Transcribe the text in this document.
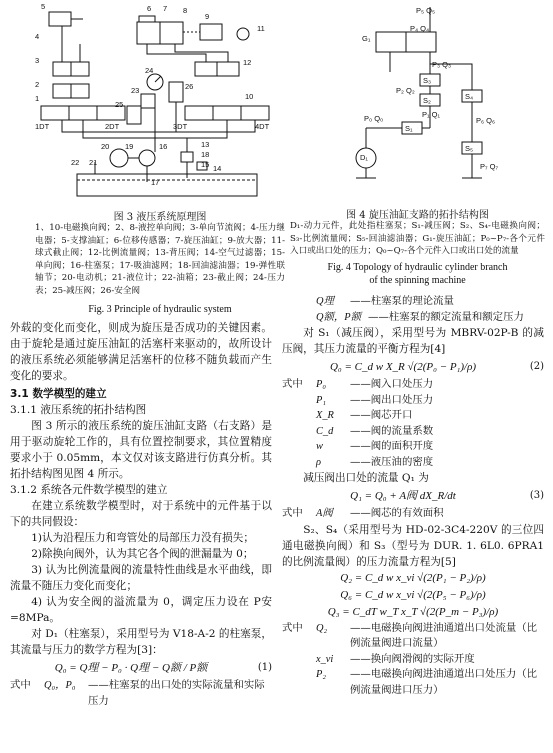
5	6 7 8
9
11
4
3
2
1
1DT	2DT
24
23
25
26
12
10
3DT	4DT
20 19	16	13
18
15
22 21
17
14
图 3 液压系统原理图
1、10-电磁换向阀；2、8-液控单向阀；3-单向节流阀；4-压力继电器；5-支撑油缸；6-位移传感器；7-旋压油缸；9-放大器；11-球式截止阀；12-比例流量阀；13-背压阀；14-空气过滤器；15-单向阀；16-柱塞泵；17-吸油滤网；18-回油滤油器；19-弹性联轴节；20-电动机；21-液位计；22-油箱；23-截止阀；24-压力表；25-减压阀；26-安全阀
Fig. 3 Principle of hydraulic system
P₅ Q₅
G₁
P₄ Q₄
P₃ Q₃
S₃
P₂ Q₂
S₂	S₄
P₁ Q₁
P₆ Q₆
P₀ Q₀
S₁
D₁
S₅
P₇ Q₇
图 4 旋压油缸支路的拓扑结构图
D₁-动力元件，此处指柱塞泵；S₁-减压阀；S₂、S₄-电磁换向阀；S₃-比例流量阀；S₅-回油滤油器；G₁-旋压油缸；P₀~P₇-各个元件入口或出口处的压力；Q₀~Q₇-各个元件入口或出口处的流量
Fig. 4 Topology of hydraulic cylinder branch
of the spinning machine

外载的变化而变化，则成为旋压是否成功的关键因素。由于旋轮是通过旋压油缸的活塞杆来驱动的，故所设计的液压系统必须能够满足活塞杆的位移不随负载而产生变化的要求。

3.1 数学模型的建立
3.1.1 液压系统的拓扑结构图

图 3 所示的液压系统的旋压油缸支路（右支路）是用于驱动旋轮工作的，具有位置控制要求，其位置精度要求小于 0.05mm，本文仅对该支路进行仿真分析。其拓扑结构图见图 4 所示。

3.1.2 系统各元件数学模型的建立

在建立系统数学模型时，对于系统中的元件基于以下的共同假设：

1)认为沿程压力和弯管处的局部压力没有损失；

2)除换向阀外，认为其它各个阀的泄漏量为 0；

3) 认为比例流量阀的流量特性曲线是水平曲线，即流量不随压力变化而变化；

4) 认为安全阀的溢流量为 0，调定压力设在 P安=8MPa。

对 D₁（柱塞泵），采用型号为 V18-A-2 的柱塞泵，其流量与压力的数学方程为[3]：

Q₀ = Q理 − P₀ · Q理 − Q额 / P额	(1)
式中	Q₀，P₀	——柱塞泵的出口处的实际流量和实际压力
Q理	——柱塞泵的理论流量
Q额，P额 ——柱塞泵的额定流量和额定压力

对 S₁（减压阀），采用型号为 MBRV-02P-B 的减压阀，其压力流量的平衡方程为[4]

Q₀ = C_d w X_R √(2(P₀ − P₁)/ρ)	(2)
式中	P₀	——阀入口处压力
P₁	——阀出口处压力
X_R	——阀芯开口
C_d	——阀的流量系数
w	——阀的面积开度
ρ	——液压油的密度

减压阀出口处的流量 Q₁ 为

Q₁ = Q₀ + A阀 dX_R/dt	(3)
式中	A阀	——阀芯的有效面积

S₂、S₄（采用型号为 HD-02-3C4-220V 的三位四通电磁换向阀）和 S₃（型号为 DUR. 1. 6L0. 6PRA1 的比例流量阀）的压力流量方程为[5]

Q₂ = C_d w x_vi √(2(P₁ − P₂)/ρ)
Q₆ = C_d w x_vi √(2(P₅ − P₆)/ρ)
Q₃ = C_dT w_T x_T √(2(P_m − P₃)/ρ)
式中	Q₂	——电磁换向阀进油通道出口处流量（比例流量阀进口流量）
x_vi	——换向阀滑阀的实际开度
P₂	——电磁换向阀进油通道出口处压力（比例流量阀进口压力）
